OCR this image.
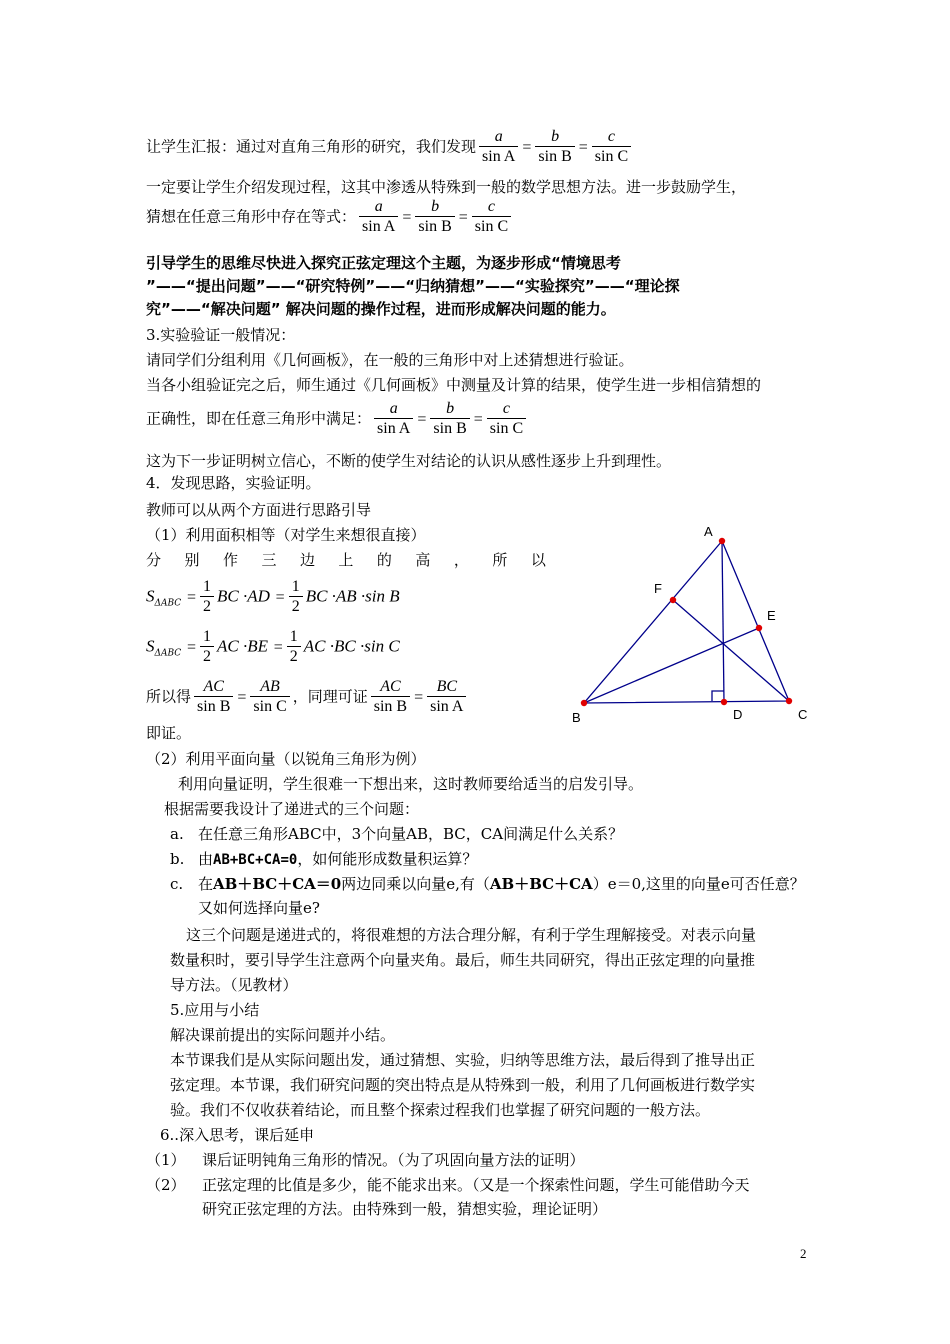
让学生汇报：通过对直角三角形的研究，我们发现 $\frac{a}{\text{sin A}} = \frac{b}{\text{sin B}} = \frac{c}{\text{sin C}}$
一定要让学生介绍发现过程，这其中渗透从特殊到一般的数学思想方法。进一步鼓励学生，
猜想在任意三角形中存在等式： $\frac{a}{\text{sin A}} = \frac{b}{\text{sin B}} = \frac{c}{\text{sin C}}$
引导学生的思维尽快进入探究正弦定理这个主题，为逐步形成“情境思考
”——“提出问题”——“研究特例”——“归纳猜想”——“实验探究”——“理论探
究”——“解决问题” 解决问题的操作过程，进而形成解决问题的能力。
3.实验验证一般情况：
请同学们分组利用《几何画板》，在一般的三角形中对上述猜想进行验证。
当各小组验证完之后，师生通过《几何画板》中测量及计算的结果，使学生进一步相信猜想的
正确性，即在任意三角形中满足： $\frac{a}{\text{sin A}} = \frac{b}{\text{sin B}} = \frac{c}{\text{sin C}}$
这为下一步证明树立信心，不断的使学生对结论的认识从感性逐步上升到理性。
4．发现思路，实验证明。
教师可以从两个方面进行思路引导
（1）利用面积相等（对学生来想很直接）
分 别 作 三 边 上 的 高 ， 所 以
$S_{\Delta ABC} = \frac{1}{2}$ BC $\cdot AD = \frac{1}{2}$ BC ·AB ·sin B
$S_{\Delta ABC} = \frac{1}{2}$ AC $\cdot BE = \frac{1}{2}$ AC ·BC ·sin C
所以得 $\frac{AC}{\text{sin B}} = \frac{AB}{\text{sin C}}$ ，同理可证 $\frac{AC}{\text{sin B}} = \frac{BC}{\text{sin A}}$
即证。
A
B	C
D
E
F
（2）利用平面向量（以锐角三角形为例）
利用向量证明，学生很难一下想出来，这时教师要给适当的启发引导。
根据需要我设计了递进式的三个问题：
a. 在任意三角形ABC中，3个向量AB，BC，CA间满足什么关系？
b. 由AB+BC+CA=0，如何能形成数量积运算？
c. 在AB＋BC＋CA＝0两边同乘以向量e,有（AB＋BC＋CA）e＝0,这里的向量e可否任意？
又如何选择向量e?
这三个问题是递进式的，将很难想的方法合理分解，有利于学生理解接受。对表示向量
数量积时，要引导学生注意两个向量夹角。最后，师生共同研究，得出正弦定理的向量推
导方法。（见教材）
5.应用与小结
解决课前提出的实际问题并小结。
本节课我们是从实际问题出发，通过猜想、实验，归纳等思维方法，最后得到了推导出正
弦定理。本节课，我们研究问题的突出特点是从特殊到一般，利用了几何画板进行数学实
验。我们不仅收获着结论，而且整个探索过程我们也掌握了研究问题的一般方法。
6..深入思考，课后延申
（1） 课后证明钝角三角形的情况。（为了巩固向量方法的证明）
（2） 正弦定理的比值是多少，能不能求出来。（又是一个探索性问题，学生可能借助今天
研究正弦定理的方法。由特殊到一般，猜想实验，理论证明）
2
